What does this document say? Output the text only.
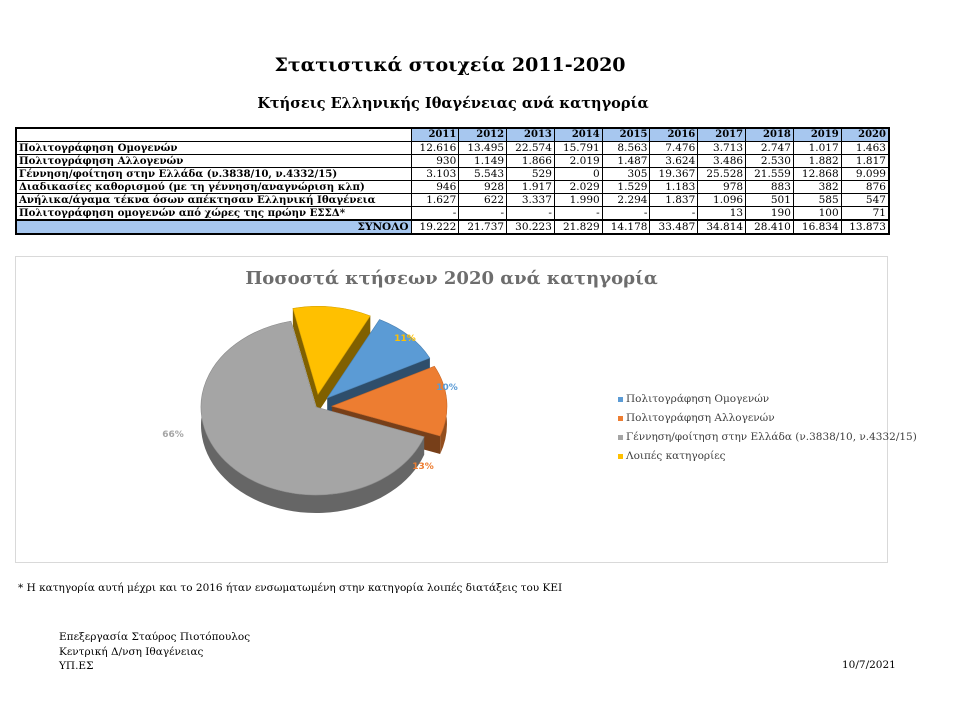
Στατιστικά στοιχεία 2011-2020
Κτήσεις Ελληνικής Ιθαγένειας ανά κατηγορία
	2011	2012	2013	2014	2015	2016	2017	2018	2019	2020
Πολιτογράφηση Ομογενών	12.616	13.495	22.574	15.791	8.563	7.476	3.713	2.747	1.017	1.463
Πολιτογράφηση Αλλογενών	930	1.149	1.866	2.019	1.487	3.624	3.486	2.530	1.882	1.817
Γέννηση/φοίτηση στην Ελλάδα (ν.3838/10, ν.4332/15)	3.103	5.543	529	0	305	19.367	25.528	21.559	12.868	9.099
Διαδικασίες καθορισμού (με τη γέννηση/αναγνώριση κλπ)	946	928	1.917	2.029	1.529	1.183	978	883	382	876
Ανήλικα/άγαμα τέκνα όσων απέκτησαν Ελληνική Ιθαγένεια	1.627	622	3.337	1.990	2.294	1.837	1.096	501	585	547
Πολιτογράφηση ομογενών από χώρες της πρώην ΕΣΣΔ*	-	-	-	-	-	-	13	190	100	71
ΣΥΝΟΛΟ	19.222	21.737	30.223	21.829	14.178	33.487	34.814	28.410	16.834	13.873
Ποσοστά κτήσεων 2020 ανά κατηγορία
10%
13%
66%
11%
Πολιτογράφηση Ομογενών
Πολιτογράφηση Αλλογενών
Γέννηση/φοίτηση στην Ελλάδα (ν.3838/10, ν.4332/15)
Λοιπές κατηγορίες
* Η κατηγορία αυτή μέχρι και το 2016 ήταν ενσωματωμένη στην κατηγορία λοιπές διατάξεις του ΚΕΙ
Επεξεργασία Σταύρος Πιοτόπουλος
Κεντρική Δ/νση Ιθαγένειας
ΥΠ.ΕΣ	10/7/2021
